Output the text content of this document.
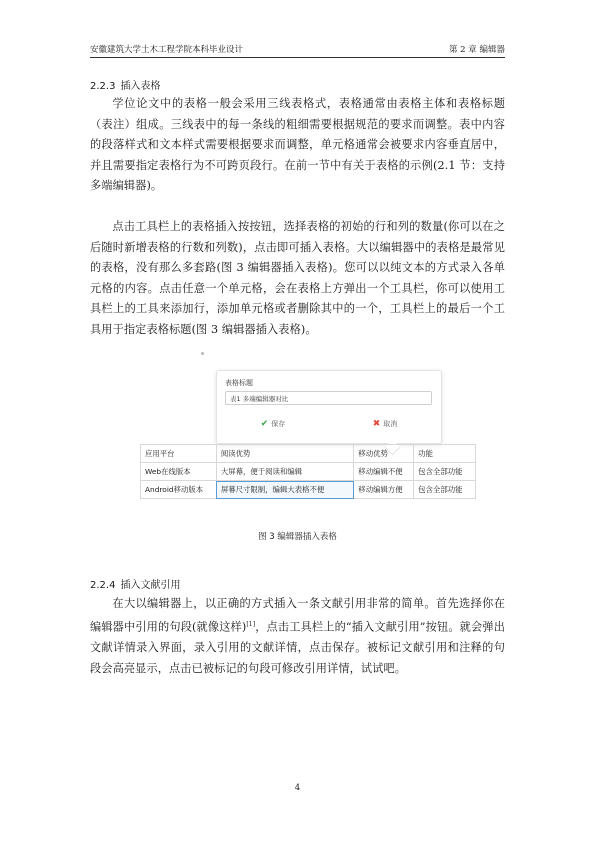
安徽建筑大学土木工程学院本科毕业设计	第 2 章 编辑器
2.2.3 插入表格

学位论文中的表格一般会采用三线表格式，表格通常由表格主体和表格标题（表注）组成。三线表中的每一条线的粗细需要根据规范的要求而调整。表中内容的段落样式和文本样式需要根据要求而调整，单元格通常会被要求内容垂直居中，并且需要指定表格行为不可跨页段行。在前一节中有关于表格的示例(2.1 节：支持多端编辑器)。

点击工具栏上的表格插入按按钮，选择表格的初始的行和列的数量(你可以在之后随时新增表格的行数和列数)，点击即可插入表格。大以编辑器中的表格是最常见的表格，没有那么多套路(图 3 编辑器插入表格)。您可以以纯文本的方式录入各单元格的内容。点击任意一个单元格，会在表格上方弹出一个工具栏，你可以使用工具栏上的工具来添加行，添加单元格或者删除其中的一个，工具栏上的最后一个工具用于指定表格标题(图 3 编辑器插入表格)。

表格标题
表1 多端编辑器对比
✔ 保存	✖ 取消
应用平台	阅读优势	移动优势	功能
Web在线版本	大屏幕，便于阅读和编辑	移动编辑不便	包含全部功能
Android移动版本	屏幕尺寸限制，编辑大表格不便	移动编辑方便	包含全部功能
图 3 编辑器插入表格
2.2.4 插入文献引用

在大以编辑器上，以正确的方式插入一条文献引用非常的简单。首先选择你在编辑器中引用的句段(就像这样)[1]，点击工具栏上的“插入文献引用”按钮。就会弹出文献详情录入界面，录入引用的文献详情，点击保存。被标记文献引用和注释的句段会高亮显示，点击已被标记的句段可修改引用详情，试试吧。

4
